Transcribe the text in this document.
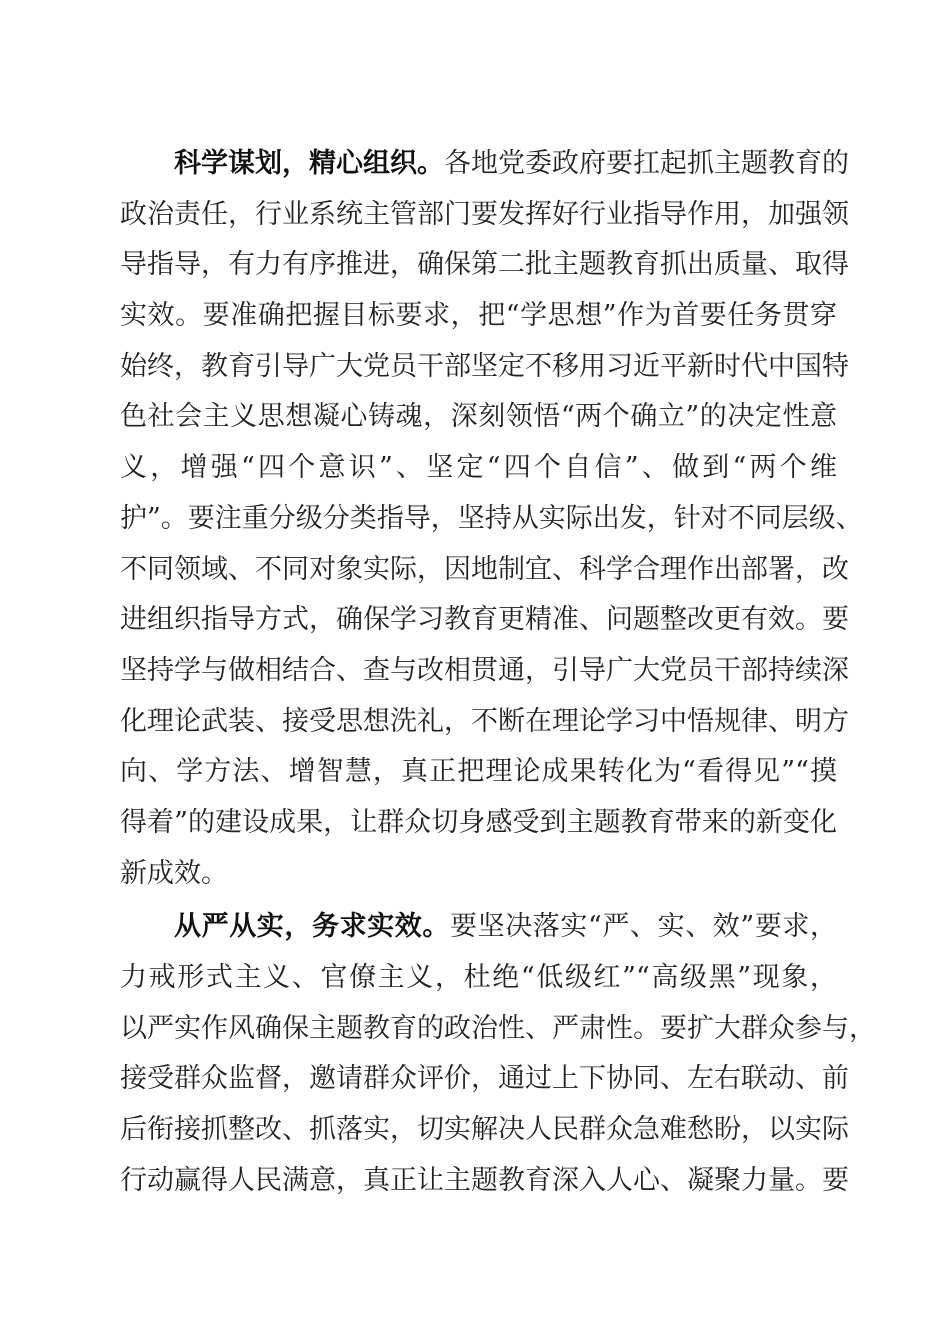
科学谋划，精心组织。各地党委政府要扛起抓主题教育的
政治责任，行业系统主管部门要发挥好行业指导作用，加强领
导指导，有力有序推进，确保第二批主题教育抓出质量、取得
实效。要准确把握目标要求，把“学思想”作为首要任务贯穿
始终，教育引导广大党员干部坚定不移用习近平新时代中国特
色社会主义思想凝心铸魂，深刻领悟“两个确立”的决定性意
义，增强“四个意识”、坚定“四个自信”、做到“两个维
护”。要注重分级分类指导，坚持从实际出发，针对不同层级、
不同领域、不同对象实际，因地制宜、科学合理作出部署，改
进组织指导方式，确保学习教育更精准、问题整改更有效。要
坚持学与做相结合、查与改相贯通，引导广大党员干部持续深
化理论武装、接受思想洗礼，不断在理论学习中悟规律、明方
向、学方法、增智慧，真正把理论成果转化为“看得见”“摸
得着”的建设成果，让群众切身感受到主题教育带来的新变化
新成效。
从严从实，务求实效。要坚决落实“严、实、效”要求，
力戒形式主义、官僚主义，杜绝“低级红”“高级黑”现象，
以严实作风确保主题教育的政治性、严肃性。要扩大群众参与，
接受群众监督，邀请群众评价，通过上下协同、左右联动、前
后衔接抓整改、抓落实，切实解决人民群众急难愁盼，以实际
行动赢得人民满意，真正让主题教育深入人心、凝聚力量。要
